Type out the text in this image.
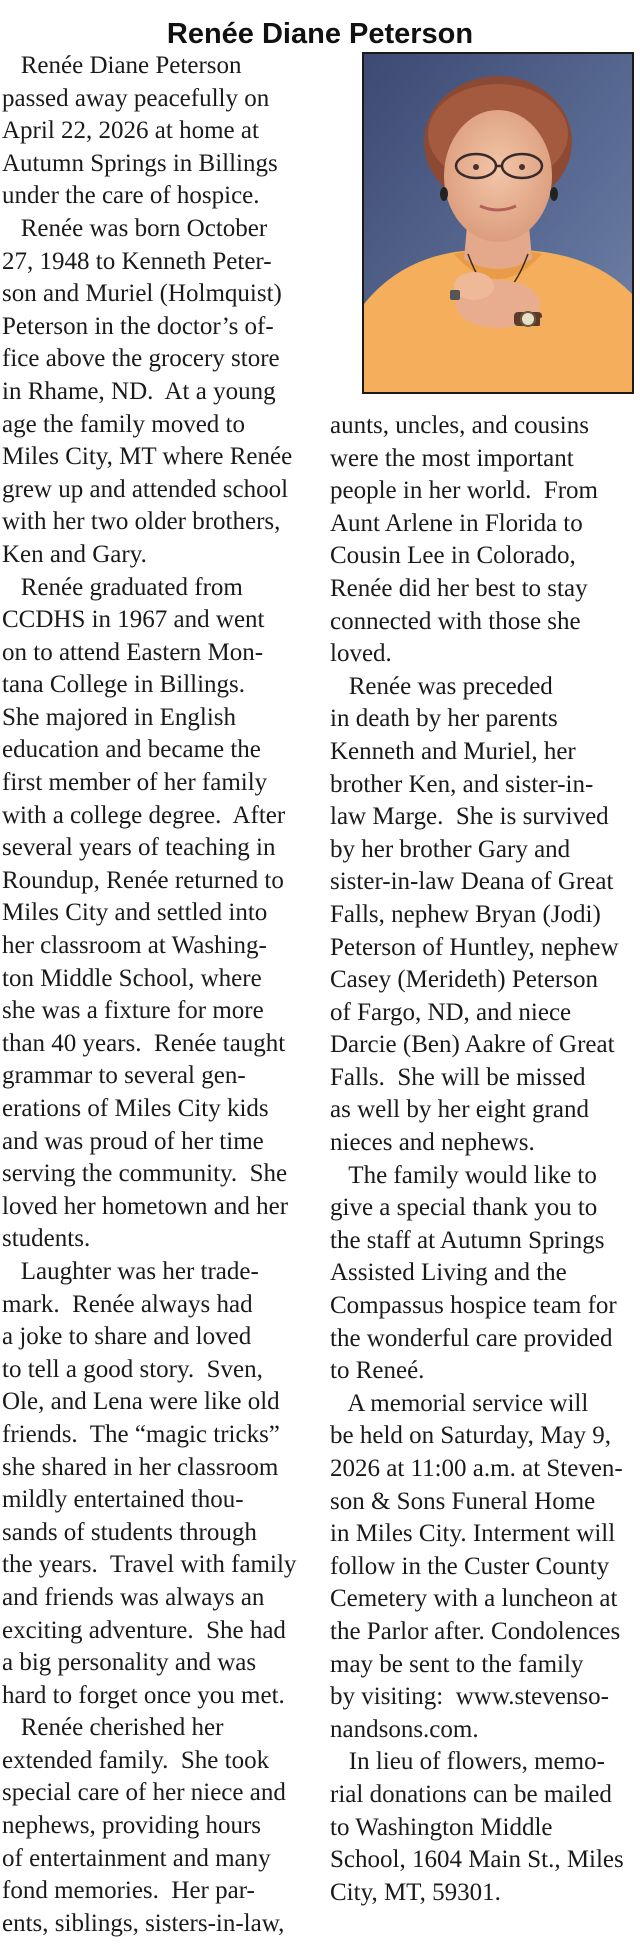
Renée Diane Peterson
Renée Diane Peterson
passed away peacefully on
April 22, 2026 at home at
Autumn Springs in Billings
under the care of hospice.
Renée was born October
27, 1948 to Kenneth Peter-
son and Muriel (Holmquist)
Peterson in the doctor’s of-
fice above the grocery store
in Rhame, ND.  At a young
age the family moved to
Miles City, MT where Renée
grew up and attended school
with her two older brothers,
Ken and Gary.
Renée graduated from
CCDHS in 1967 and went
on to attend Eastern Mon-
tana College in Billings.
She majored in English
education and became the
first member of her family
with a college degree.  After
several years of teaching in
Roundup, Renée returned to
Miles City and settled into
her classroom at Washing-
ton Middle School, where
she was a fixture for more
than 40 years.  Renée taught
grammar to several gen-
erations of Miles City kids
and was proud of her time
serving the community.  She
loved her hometown and her
students.
Laughter was her trade-
mark.  Renée always had
a joke to share and loved
to tell a good story.  Sven,
Ole, and Lena were like old
friends.  The “magic tricks”
she shared in her classroom
mildly entertained thou-
sands of students through
the years.  Travel with family
and friends was always an
exciting adventure.  She had
a big personality and was
hard to forget once you met.
Renée cherished her
extended family.  She took
special care of her niece and
nephews, providing hours
of entertainment and many
fond memories.  Her par-
ents, siblings, sisters-in-law,
aunts, uncles, and cousins
were the most important
people in her world.  From
Aunt Arlene in Florida to
Cousin Lee in Colorado,
Renée did her best to stay
connected with those she
loved.
Renée was preceded
in death by her parents
Kenneth and Muriel, her
brother Ken, and sister-in-
law Marge.  She is survived
by her brother Gary and
sister-in-law Deana of Great
Falls, nephew Bryan (Jodi)
Peterson of Huntley, nephew
Casey (Merideth) Peterson
of Fargo, ND, and niece
Darcie (Ben) Aakre of Great
Falls.  She will be missed
as well by her eight grand
nieces and nephews.
The family would like to
give a special thank you to
the staff at Autumn Springs
Assisted Living and the
Compassus hospice team for
the wonderful care provided
to Reneé.
A memorial service will
be held on Saturday, May 9,
2026 at 11:00 a.m. at Steven-
son & Sons Funeral Home
in Miles City. Interment will
follow in the Custer County
Cemetery with a luncheon at
the Parlor after. Condolences
may be sent to the family
by visiting:  www.stevenso-
nandsons.com.
In lieu of flowers, memo-
rial donations can be mailed
to Washington Middle
School, 1604 Main St., Miles
City, MT, 59301.
